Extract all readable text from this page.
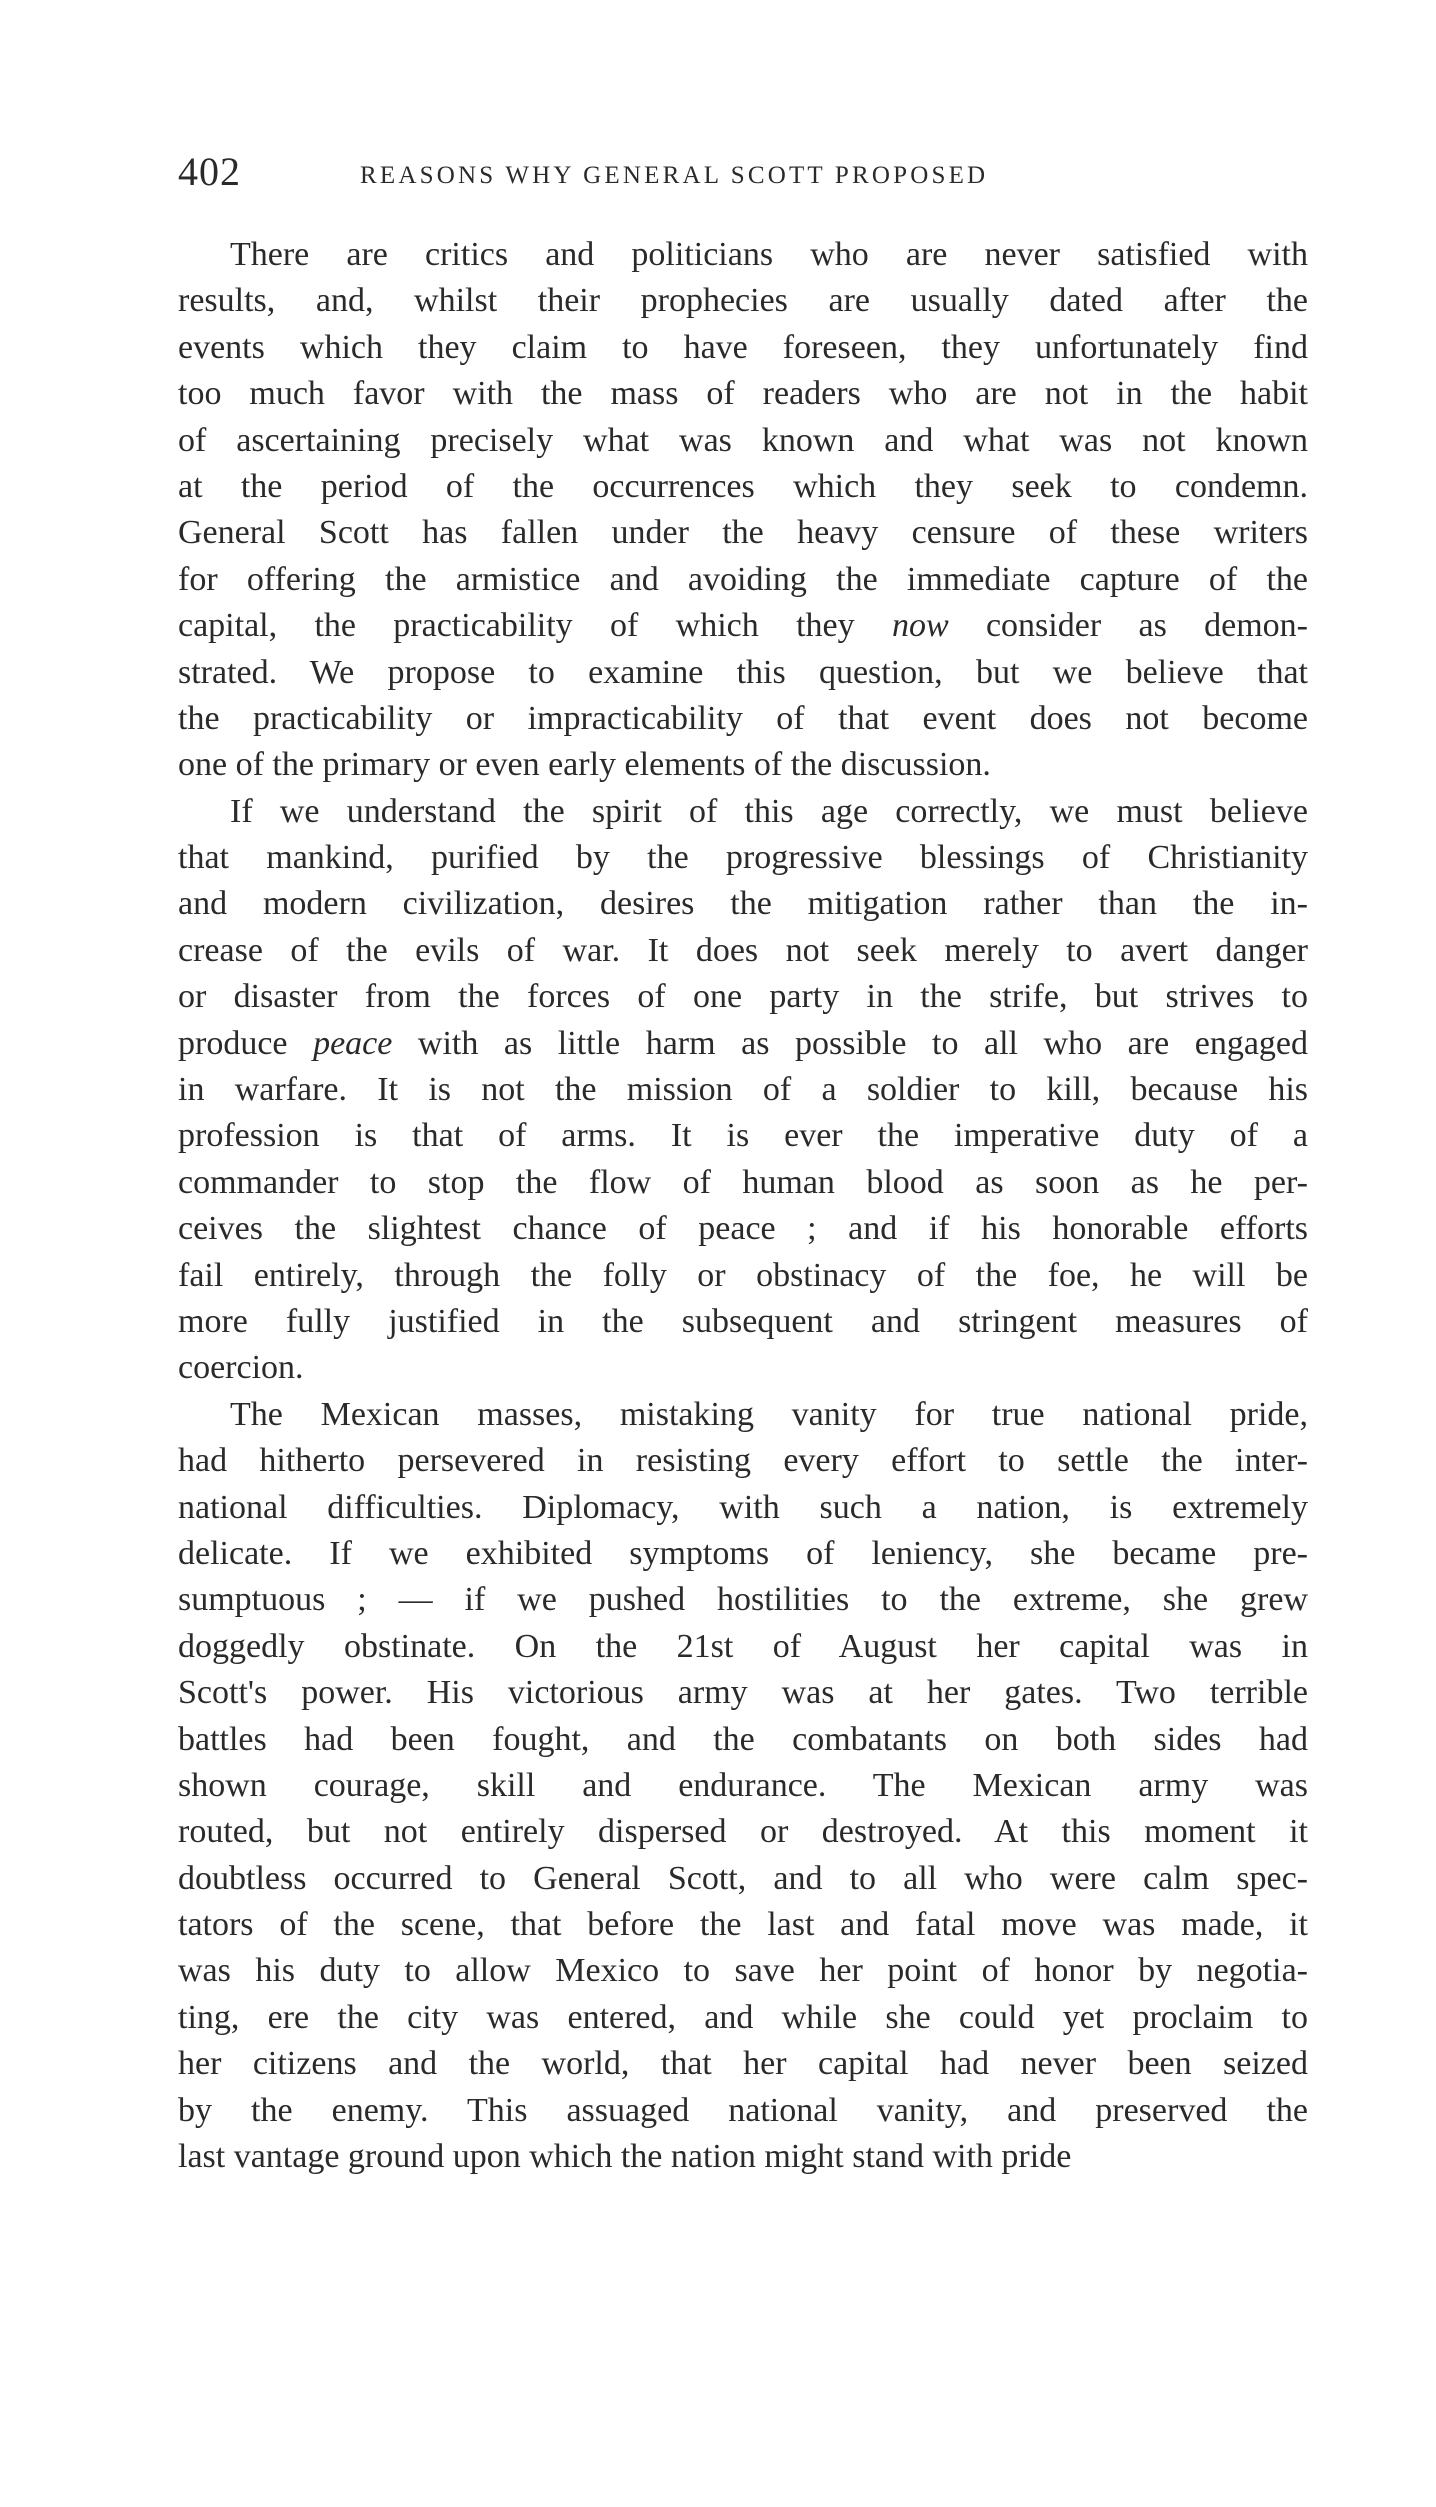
402	REASONS WHY GENERAL SCOTT PROPOSED
There are critics and politicians who are never satisfied with
results, and, whilst their prophecies are usually dated after the
events which they claim to have foreseen, they unfortunately find
too much favor with the mass of readers who are not in the habit
of ascertaining precisely what was known and what was not known
at the period of the occurrences which they seek to condemn.
General Scott has fallen under the heavy censure of these writers
for offering the armistice and avoiding the immediate capture of the
capital, the practicability of which they now consider as demon-
strated. We propose to examine this question, but we believe that
the practicability or impracticability of that event does not become
one of the primary or even early elements of the discussion.
If we understand the spirit of this age correctly, we must believe
that mankind, purified by the progressive blessings of Christianity
and modern civilization, desires the mitigation rather than the in-
crease of the evils of war. It does not seek merely to avert danger
or disaster from the forces of one party in the strife, but strives to
produce peace with as little harm as possible to all who are engaged
in warfare. It is not the mission of a soldier to kill, because his
profession is that of arms. It is ever the imperative duty of a
commander to stop the flow of human blood as soon as he per-
ceives the slightest chance of peace ; and if his honorable efforts
fail entirely, through the folly or obstinacy of the foe, he will be
more fully justified in the subsequent and stringent measures of
coercion.
The Mexican masses, mistaking vanity for true national pride,
had hitherto persevered in resisting every effort to settle the inter-
national difficulties. Diplomacy, with such a nation, is extremely
delicate. If we exhibited symptoms of leniency, she became pre-
sumptuous ; — if we pushed hostilities to the extreme, she grew
doggedly obstinate. On the 21st of August her capital was in
Scott's power. His victorious army was at her gates. Two terrible
battles had been fought, and the combatants on both sides had
shown courage, skill and endurance. The Mexican army was
routed, but not entirely dispersed or destroyed. At this moment it
doubtless occurred to General Scott, and to all who were calm spec-
tators of the scene, that before the last and fatal move was made, it
was his duty to allow Mexico to save her point of honor by negotia-
ting, ere the city was entered, and while she could yet proclaim to
her citizens and the world, that her capital had never been seized
by the enemy. This assuaged national vanity, and preserved the
last vantage ground upon which the nation might stand with pride
